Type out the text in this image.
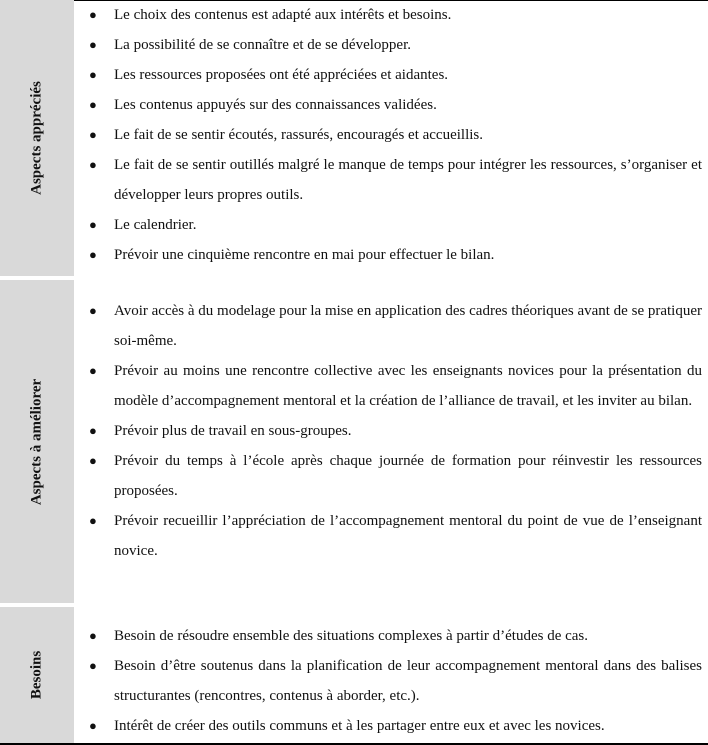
Aspects appréciés
● Le choix des contenus est adapté aux intérêts et besoins.
● La possibilité de se connaître et de se développer.
● Les ressources proposées ont été appréciées et aidantes.
● Les contenus appuyés sur des connaissances validées.
● Le fait de se sentir écoutés, rassurés, encouragés et accueillis.
● Le fait de se sentir outillés malgré le manque de temps pour intégrer les ressources, s’organiser et développer leurs propres outils.
● Le calendrier.
● Prévoir une cinquième rencontre en mai pour effectuer le bilan.
Aspects à améliorer
● Avoir accès à du modelage pour la mise en application des cadres théoriques avant de se pratiquer soi-même.
● Prévoir au moins une rencontre collective avec les enseignants novices pour la présentation du modèle d’accompagnement mentoral et la création de l’alliance de travail, et les inviter au bilan.
● Prévoir plus de travail en sous-groupes.
● Prévoir du temps à l’école après chaque journée de formation pour réinvestir les ressources proposées.
● Prévoir recueillir l’appréciation de l’accompagnement mentoral du point de vue de l’enseignant novice.
Besoins
● Besoin de résoudre ensemble des situations complexes à partir d’études de cas.
● Besoin d’être soutenus dans la planification de leur accompagnement mentoral dans des balises structurantes (rencontres, contenus à aborder, etc.).
● Intérêt de créer des outils communs et à les partager entre eux et avec les novices.
